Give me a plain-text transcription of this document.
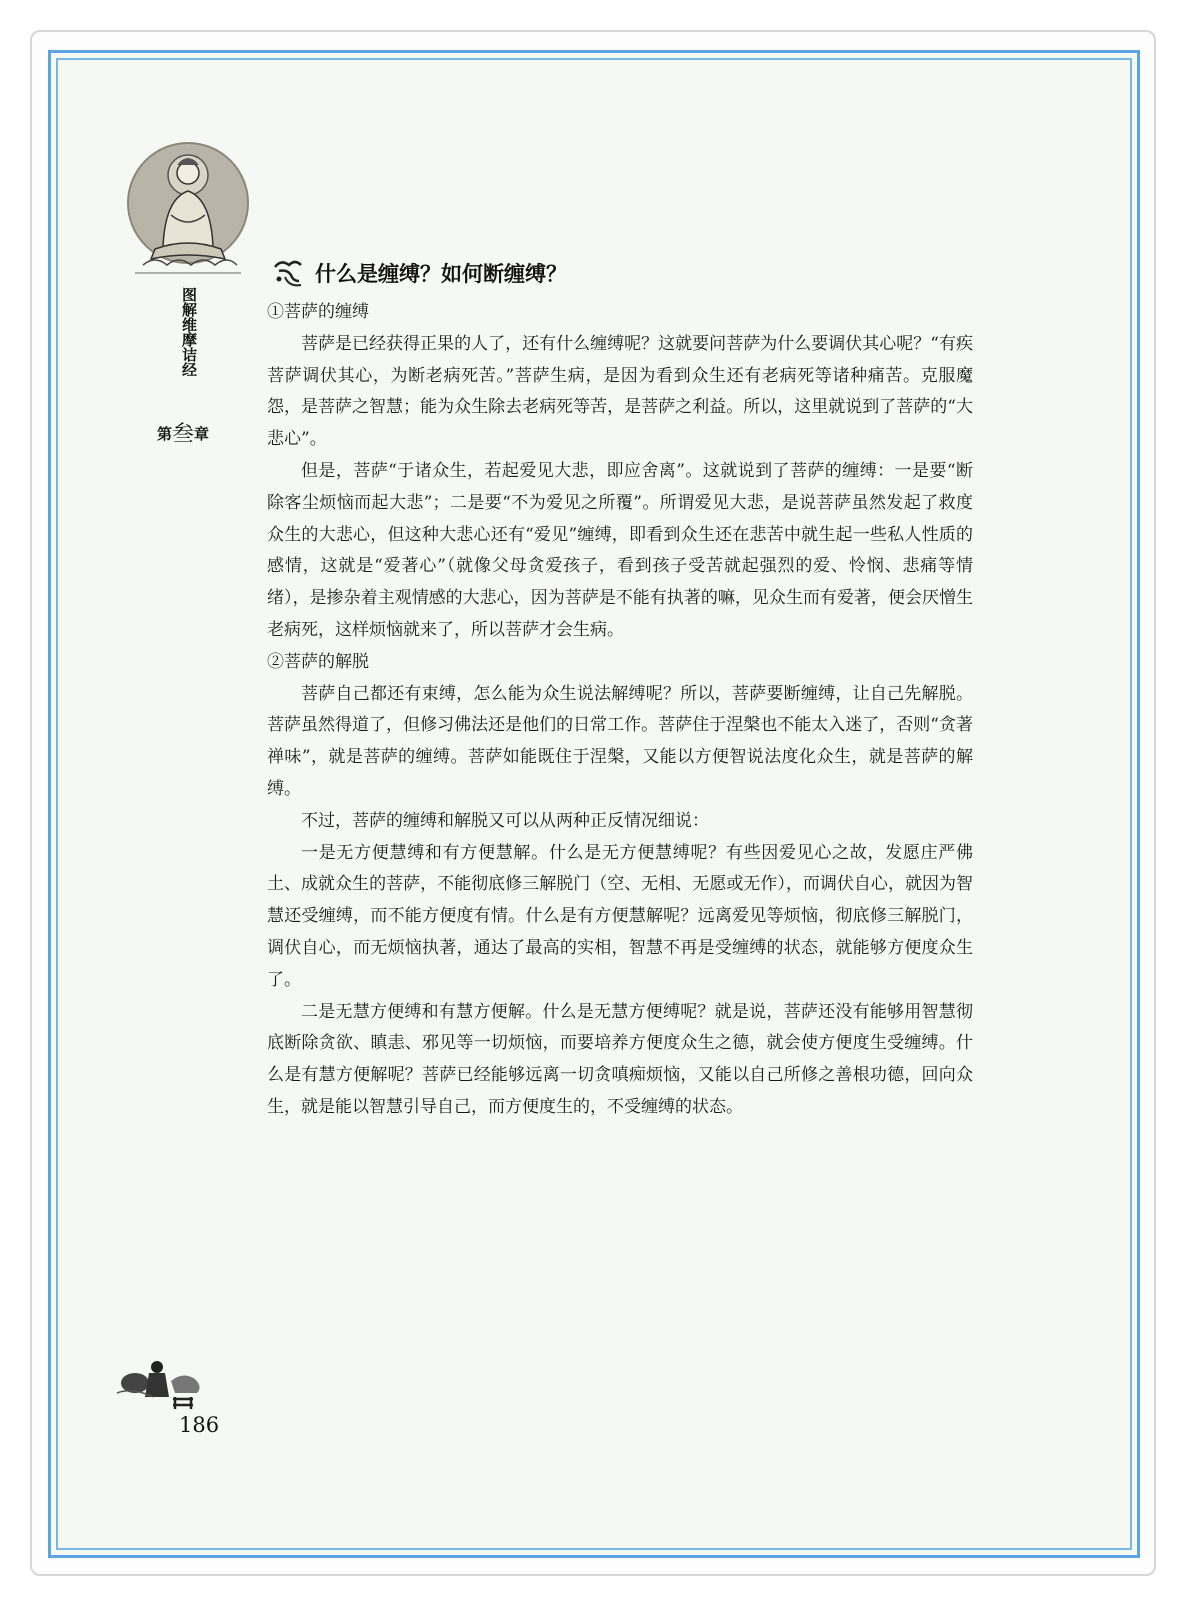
图解维摩诘经
第叁章
什么是缠缚？如何断缠缚？
①菩萨的缠缚

菩萨是已经获得正果的人了，还有什么缠缚呢？这就要问菩萨为什么要调伏其心呢？“有疾菩萨调伏其心，为断老病死苦。”菩萨生病，是因为看到众生还有老病死等诸种痛苦。克服魔怨，是菩萨之智慧；能为众生除去老病死等苦，是菩萨之利益。所以，这里就说到了菩萨的“大悲心”。

但是，菩萨“于诸众生，若起爱见大悲，即应舍离”。这就说到了菩萨的缠缚：一是要“断除客尘烦恼而起大悲”；二是要“不为爱见之所覆”。所谓爱见大悲，是说菩萨虽然发起了救度众生的大悲心，但这种大悲心还有“爱见”缠缚，即看到众生还在悲苦中就生起一些私人性质的感情，这就是“爱著心”（就像父母贪爱孩子，看到孩子受苦就起强烈的爱、怜悯、悲痛等情绪），是掺杂着主观情感的大悲心，因为菩萨是不能有执著的嘛，见众生而有爱著，便会厌憎生老病死，这样烦恼就来了，所以菩萨才会生病。

②菩萨的解脱

菩萨自己都还有束缚，怎么能为众生说法解缚呢？所以，菩萨要断缠缚，让自己先解脱。菩萨虽然得道了，但修习佛法还是他们的日常工作。菩萨住于涅槃也不能太入迷了，否则“贪著禅味”，就是菩萨的缠缚。菩萨如能既住于涅槃，又能以方便智说法度化众生，就是菩萨的解缚。

不过，菩萨的缠缚和解脱又可以从两种正反情况细说：

一是无方便慧缚和有方便慧解。什么是无方便慧缚呢？有些因爱见心之故，发愿庄严佛土、成就众生的菩萨，不能彻底修三解脱门（空、无相、无愿或无作），而调伏自心，就因为智慧还受缠缚，而不能方便度有情。什么是有方便慧解呢？远离爱见等烦恼，彻底修三解脱门，调伏自心，而无烦恼执著，通达了最高的实相，智慧不再是受缠缚的状态，就能够方便度众生了。

二是无慧方便缚和有慧方便解。什么是无慧方便缚呢？就是说，菩萨还没有能够用智慧彻底断除贪欲、瞋恚、邪见等一切烦恼，而要培养方便度众生之德，就会使方便度生受缠缚。什么是有慧方便解呢？菩萨已经能够远离一切贪嗔痴烦恼，又能以自己所修之善根功德，回向众生，就是能以智慧引导自己，而方便度生的，不受缠缚的状态。

186
